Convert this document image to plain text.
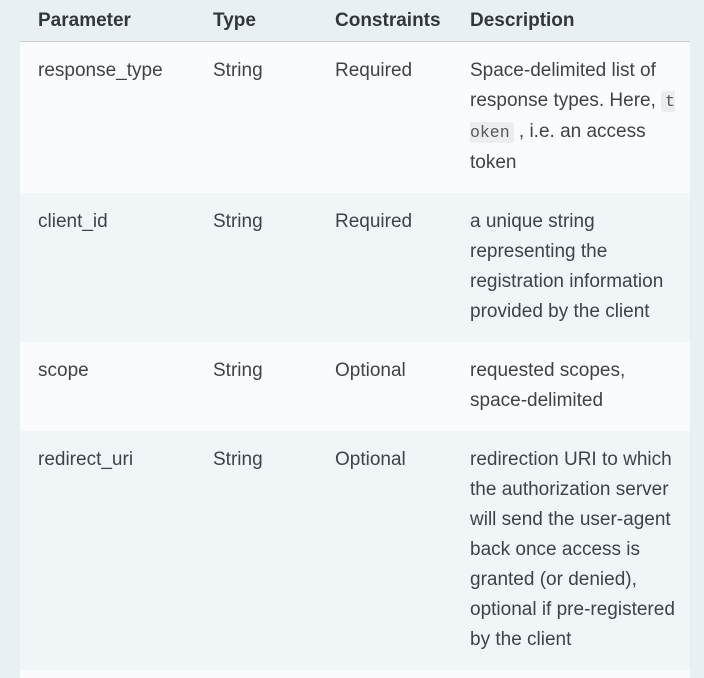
Parameter	Type	Constraints	Description
response_type	String	Required	Space-delimited list of response types. Here, token , i.e. an access token
client_id	String	Required	a unique string representing the registration information provided by the client
scope	String	Optional	requested scopes, space-delimited
redirect_uri	String	Optional	redirection URI to which the authorization server will send the user-agent back once access is granted (or denied), optional if pre-registered by the client
